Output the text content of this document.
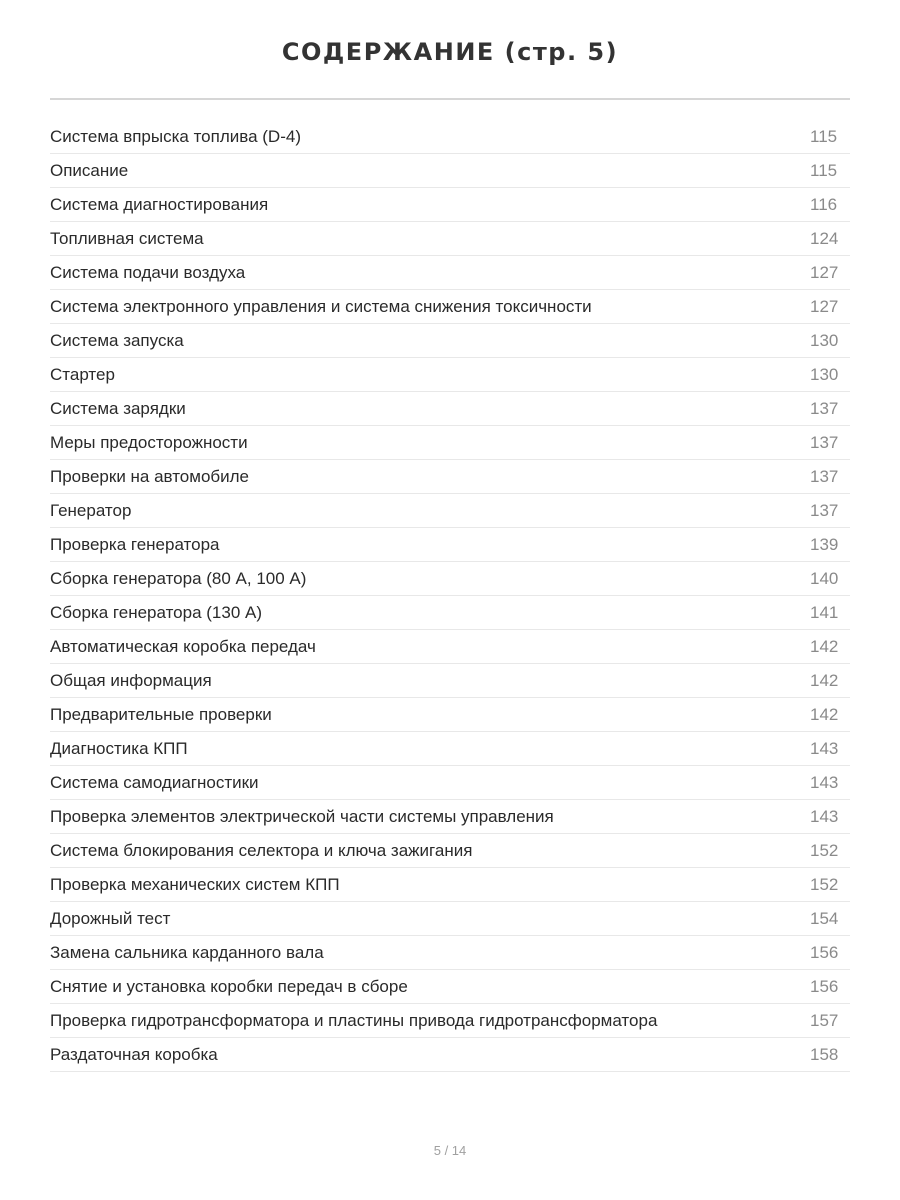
СОДЕРЖАНИЕ (стр. 5)
Система впрыска топлива (D-4)	115
Описание	115
Система диагностирования	116
Топливная система	124
Система подачи воздуха	127
Система электронного управления и система снижения токсичности	127
Система запуска	130
Стартер	130
Система зарядки	137
Меры предосторожности	137
Проверки на автомобиле	137
Генератор	137
Проверка генератора	139
Сборка генератора (80 А, 100 А)	140
Сборка генератора (130 А)	141
Автоматическая коробка передач	142
Общая информация	142
Предварительные проверки	142
Диагностика КПП	143
Система самодиагностики	143
Проверка элементов электрической части системы управления	143
Система блокирования селектора и ключа зажигания	152
Проверка механических систем КПП	152
Дорожный тест	154
Замена сальника карданного вала	156
Снятие и установка коробки передач в сборе	156
Проверка гидротрансформатора и пластины привода гидротрансформатора	157
Раздаточная коробка	158
5 / 14
